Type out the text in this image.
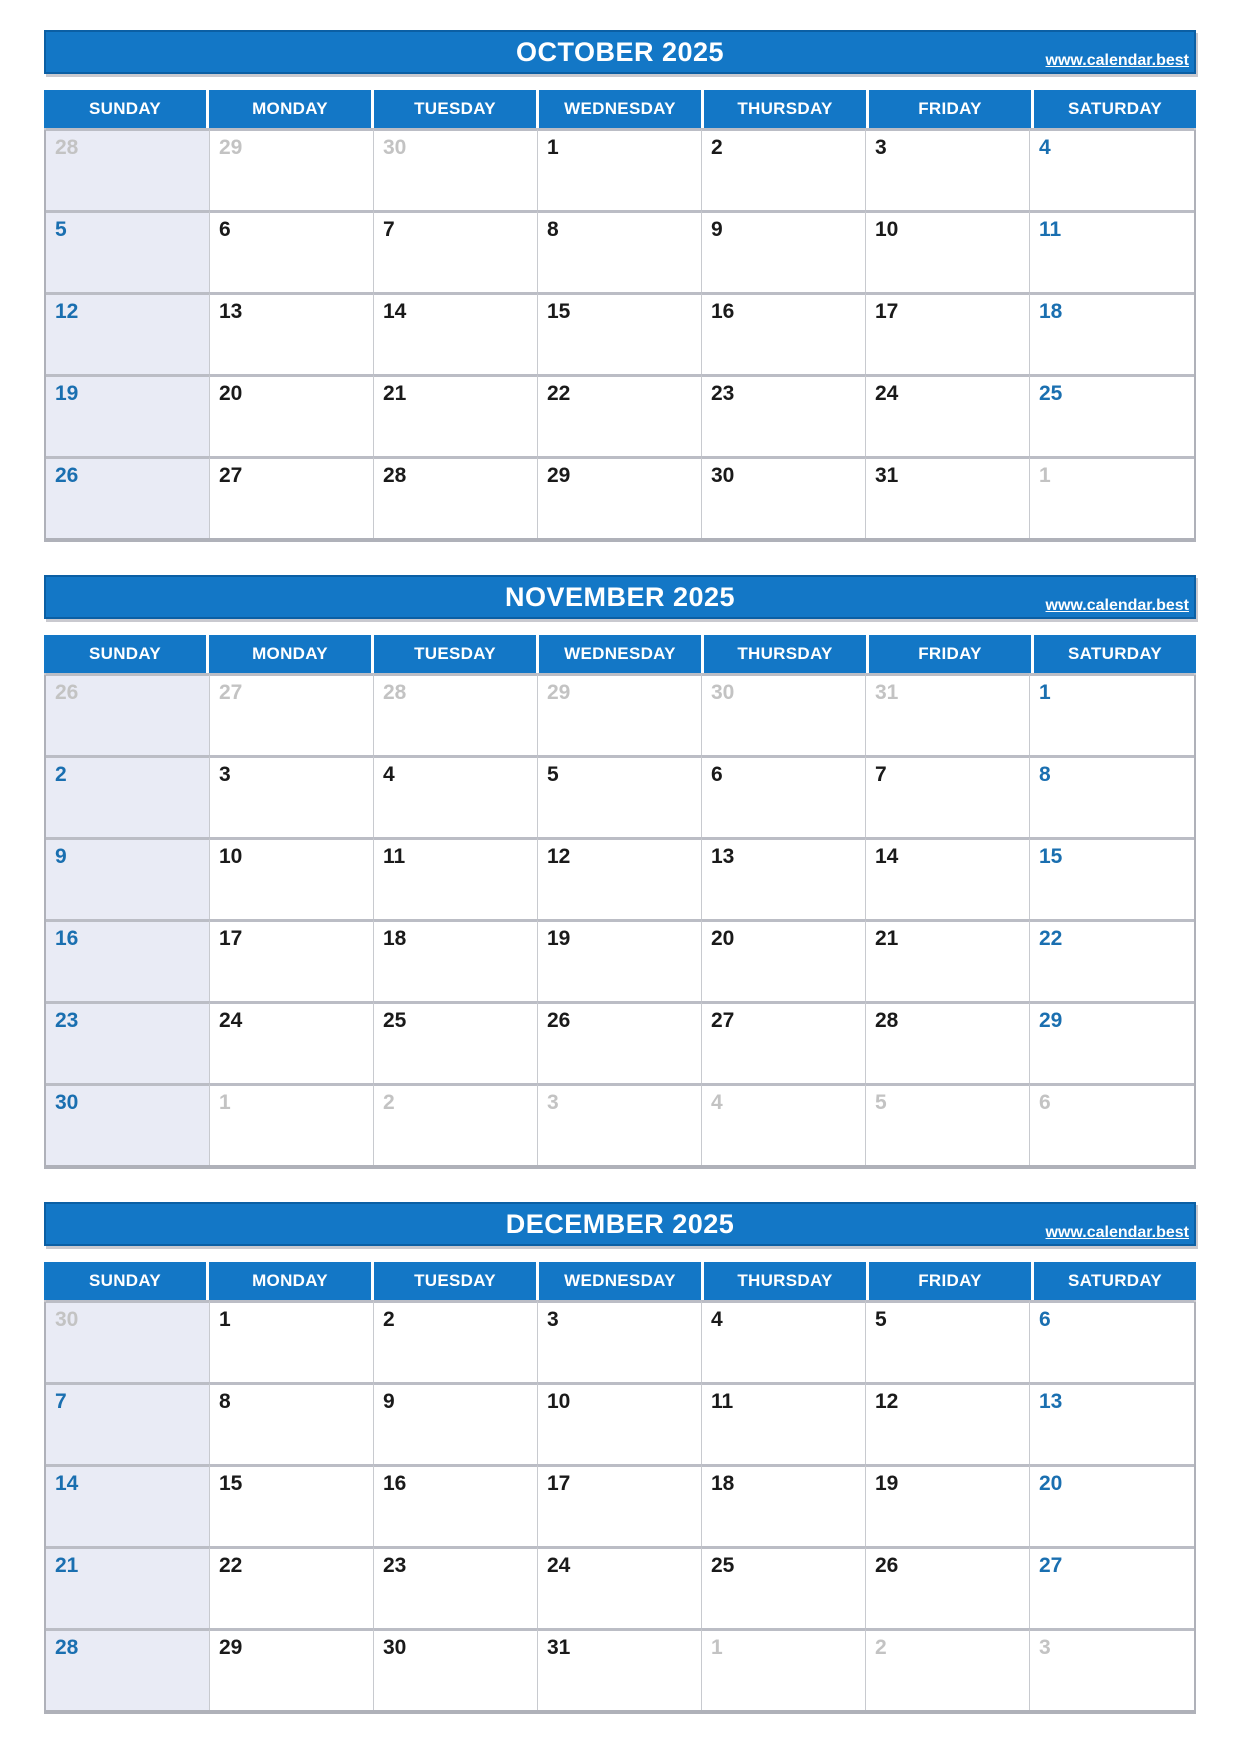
OCTOBER 2025	www.calendar.best
SUNDAY	MONDAY	TUESDAY	WEDNESDAY	THURSDAY	FRIDAY	SATURDAY
28	29	30	1	2	3	4
5	6	7	8	9	10	11
12	13	14	15	16	17	18
19	20	21	22	23	24	25
26	27	28	29	30	31	1
NOVEMBER 2025	www.calendar.best
SUNDAY	MONDAY	TUESDAY	WEDNESDAY	THURSDAY	FRIDAY	SATURDAY
26	27	28	29	30	31	1
2	3	4	5	6	7	8
9	10	11	12	13	14	15
16	17	18	19	20	21	22
23	24	25	26	27	28	29
30	1	2	3	4	5	6
DECEMBER 2025	www.calendar.best
SUNDAY	MONDAY	TUESDAY	WEDNESDAY	THURSDAY	FRIDAY	SATURDAY
30	1	2	3	4	5	6
7	8	9	10	11	12	13
14	15	16	17	18	19	20
21	22	23	24	25	26	27
28	29	30	31	1	2	3
